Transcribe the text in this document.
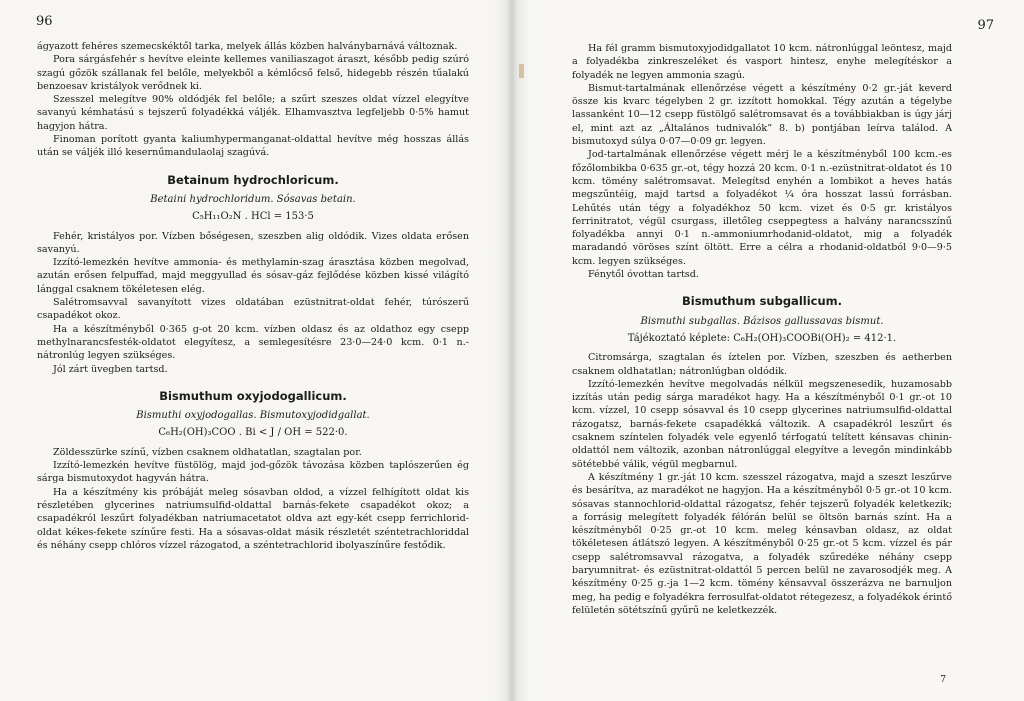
96

ágyazott fehéres szemecskéktől tarka, melyek állás közben halványbarnává változnak.

Pora sárgásfehér s hevítve eleinte kellemes vaniliaszagot áraszt, később pedig szúró szagú gőzök szállanak fel belőle, melyekből a kémlőcső felső, hidegebb részén tűalakú benzoesav kristályok verődnek ki.

Szesszel melegítve 90% oldódjék fel belőle; a szűrt szeszes oldat vízzel elegyítve savanyú kémhatású s tejszerű folyadékká váljék. Elhamvasztva legfeljebb 0·5% hamut hagyjon hátra.

Finoman porított gyanta kaliumhypermanganat-oldattal hevítve még hosszas állás után se váljék illó kesernűmandulaolaj szagúvá.

Betainum hydrochloricum.
Betaini hydrochloridum. Sósavas betain.
C₅H₁₁O₂N . HCl = 153·5

Fehér, kristályos por. Vízben bőségesen, szeszben alig oldódik. Vizes oldata erősen savanyú.

Izzító-lemezkén hevítve ammonia- és methylamin-szag árasztása közben megolvad, azután erősen felpuffad, majd meggyullad és sósav-gáz fejlődése közben kissé világító lánggal csaknem tökéletesen elég.

Salétromsavval savanyított vizes oldatában ezüstnitrat-oldat fehér, túrószerű csapadékot okoz.

Ha a készítményből 0·365 g-ot 20 kcm. vízben oldasz és az oldathoz egy csepp methylnarancsfesték-oldatot elegyítesz, a semlegesítésre 23·0—24·0 kcm. 0·1 n.-nátronlúg legyen szükséges.

Jól zárt üvegben tartsd.

Bismuthum oxyjodogallicum.
Bismuthi oxyjodogallas. Bismutoxyjodidgallat.
C₆H₂(OH)₃COO . Bi < J / OH = 522·0.

Zöldesszürke színű, vízben csaknem oldhatatlan, szagtalan por.

Izzító-lemezkén hevítve füstölög, majd jod-gőzök távozása közben taplószerűen ég sárga bismutoxydot hagyván hátra.

Ha a készítmény kis próbáját meleg sósavban oldod, a vízzel felhígított oldat kis részletében glycerines natriumsulfid-oldattal barnás-fekete csapadékot okoz; a csapadékról leszűrt folyadékban natriumacetatot oldva azt egy-két csepp ferrichlorid-oldat kékes-fekete színűre festi. Ha a sósavas-oldat másik részletét széntetrachloriddal és néhány csepp chlóros vízzel rázogatod, a széntetrachlorid ibolyaszínűre festődik.

97

Ha fél gramm bismutoxyjodidgallatot 10 kcm. nátronlúggal leöntesz, majd a folyadékba zinkreszeléket és vasport hintesz, enyhe melegítéskor a folyadék ne legyen ammonia szagú.

Bismut-tartalmának ellenőrzése végett a készítmény 0·2 gr.-ját keverd össze kis kvarc tégelyben 2 gr. izzított homokkal. Tégy azután a tégelybe lassanként 10—12 csepp füstölgő salétromsavat és a továbbiakban is úgy járj el, mint azt az „Általános tudnivalók” 8. b) pontjában leírva találod. A bismutoxyd súlya 0·07—0·09 gr. legyen.

Jod-tartalmának ellenőrzése végett mérj le a készítményből 100 kcm.-es főzőlombikba 0·635 gr.-ot, tégy hozzá 20 kcm. 0·1 n.-ezüstnitrat-oldatot és 10 kcm. tömény salétromsavat. Melegítsd enyhén a lombikot a heves hatás megszűntéig, majd tartsd a folyadékot ¼ óra hosszat lassú forrásban. Lehűtés után tégy a folyadékhoz 50 kcm. vizet és 0·5 gr. kristályos ferrinitratot, végül csurgass, illetőleg cseppegtess a halvány narancsszínű folyadékba annyi 0·1 n.-ammoniumrhodanid-oldatot, mig a folyadék maradandó vöröses színt öltött. Erre a célra a rhodanid-oldatból 9·0—9·5 kcm. legyen szükséges.

Fénytől óvottan tartsd.

Bismuthum subgallicum.
Bismuthi subgallas. Bázisos gallussavas bismut.
Tájékoztató képlete: C₆H₂(OH)₃COOBi(OH)₂ = 412·1.

Citromsárga, szagtalan és íztelen por. Vízben, szeszben és aetherben csaknem oldhatatlan; nátronlúgban oldódik.

Izzító-lemezkén hevítve megolvadás nélkül megszenesedik, huzamosabb izzítás után pedig sárga maradékot hagy. Ha a készítményből 0·1 gr.-ot 10 kcm. vízzel, 10 csepp sósavval és 10 csepp glycerines natriumsulfid-oldattal rázogatsz, barnás-fekete csapadékká változik. A csapadékról leszűrt és csaknem színtelen folyadék vele egyenlő térfogatú telített kénsavas chinin-oldattól nem változik, azonban nátronlúggal elegyítve a levegőn mindinkább sötétebbé válik, végül megbarnul.

A készítmény 1 gr.-ját 10 kcm. szesszel rázogatva, majd a szeszt leszűrve és besárítva, az maradékot ne hagyjon. Ha a készítményből 0·5 gr.-ot 10 kcm. sósavas stannochlorid-oldattal rázogatsz, fehér tejszerű folyadék keletkezik; a forrásig melegített folyadék félórán belül se öltsön barnás színt. Ha a készítményből 0·25 gr.-ot 10 kcm. meleg kénsavban oldasz, az oldat tökéletesen átlátszó legyen. A készítményből 0·25 gr.-ot 5 kcm. vízzel és pár csepp salétromsavval rázogatva, a folyadék szűredéke néhány csepp baryumnitrat- és ezüstnitrat-oldattól 5 percen belül ne zavarosodjék meg. A készítmény 0·25 g.-ja 1—2 kcm. tömény kénsavval összerázva ne barnuljon meg, ha pedig e folyadékra ferrosulfat-oldatot rétegezesz, a folyadékok érintő felületén sötétszínű gyűrű ne keletkezzék.

7
